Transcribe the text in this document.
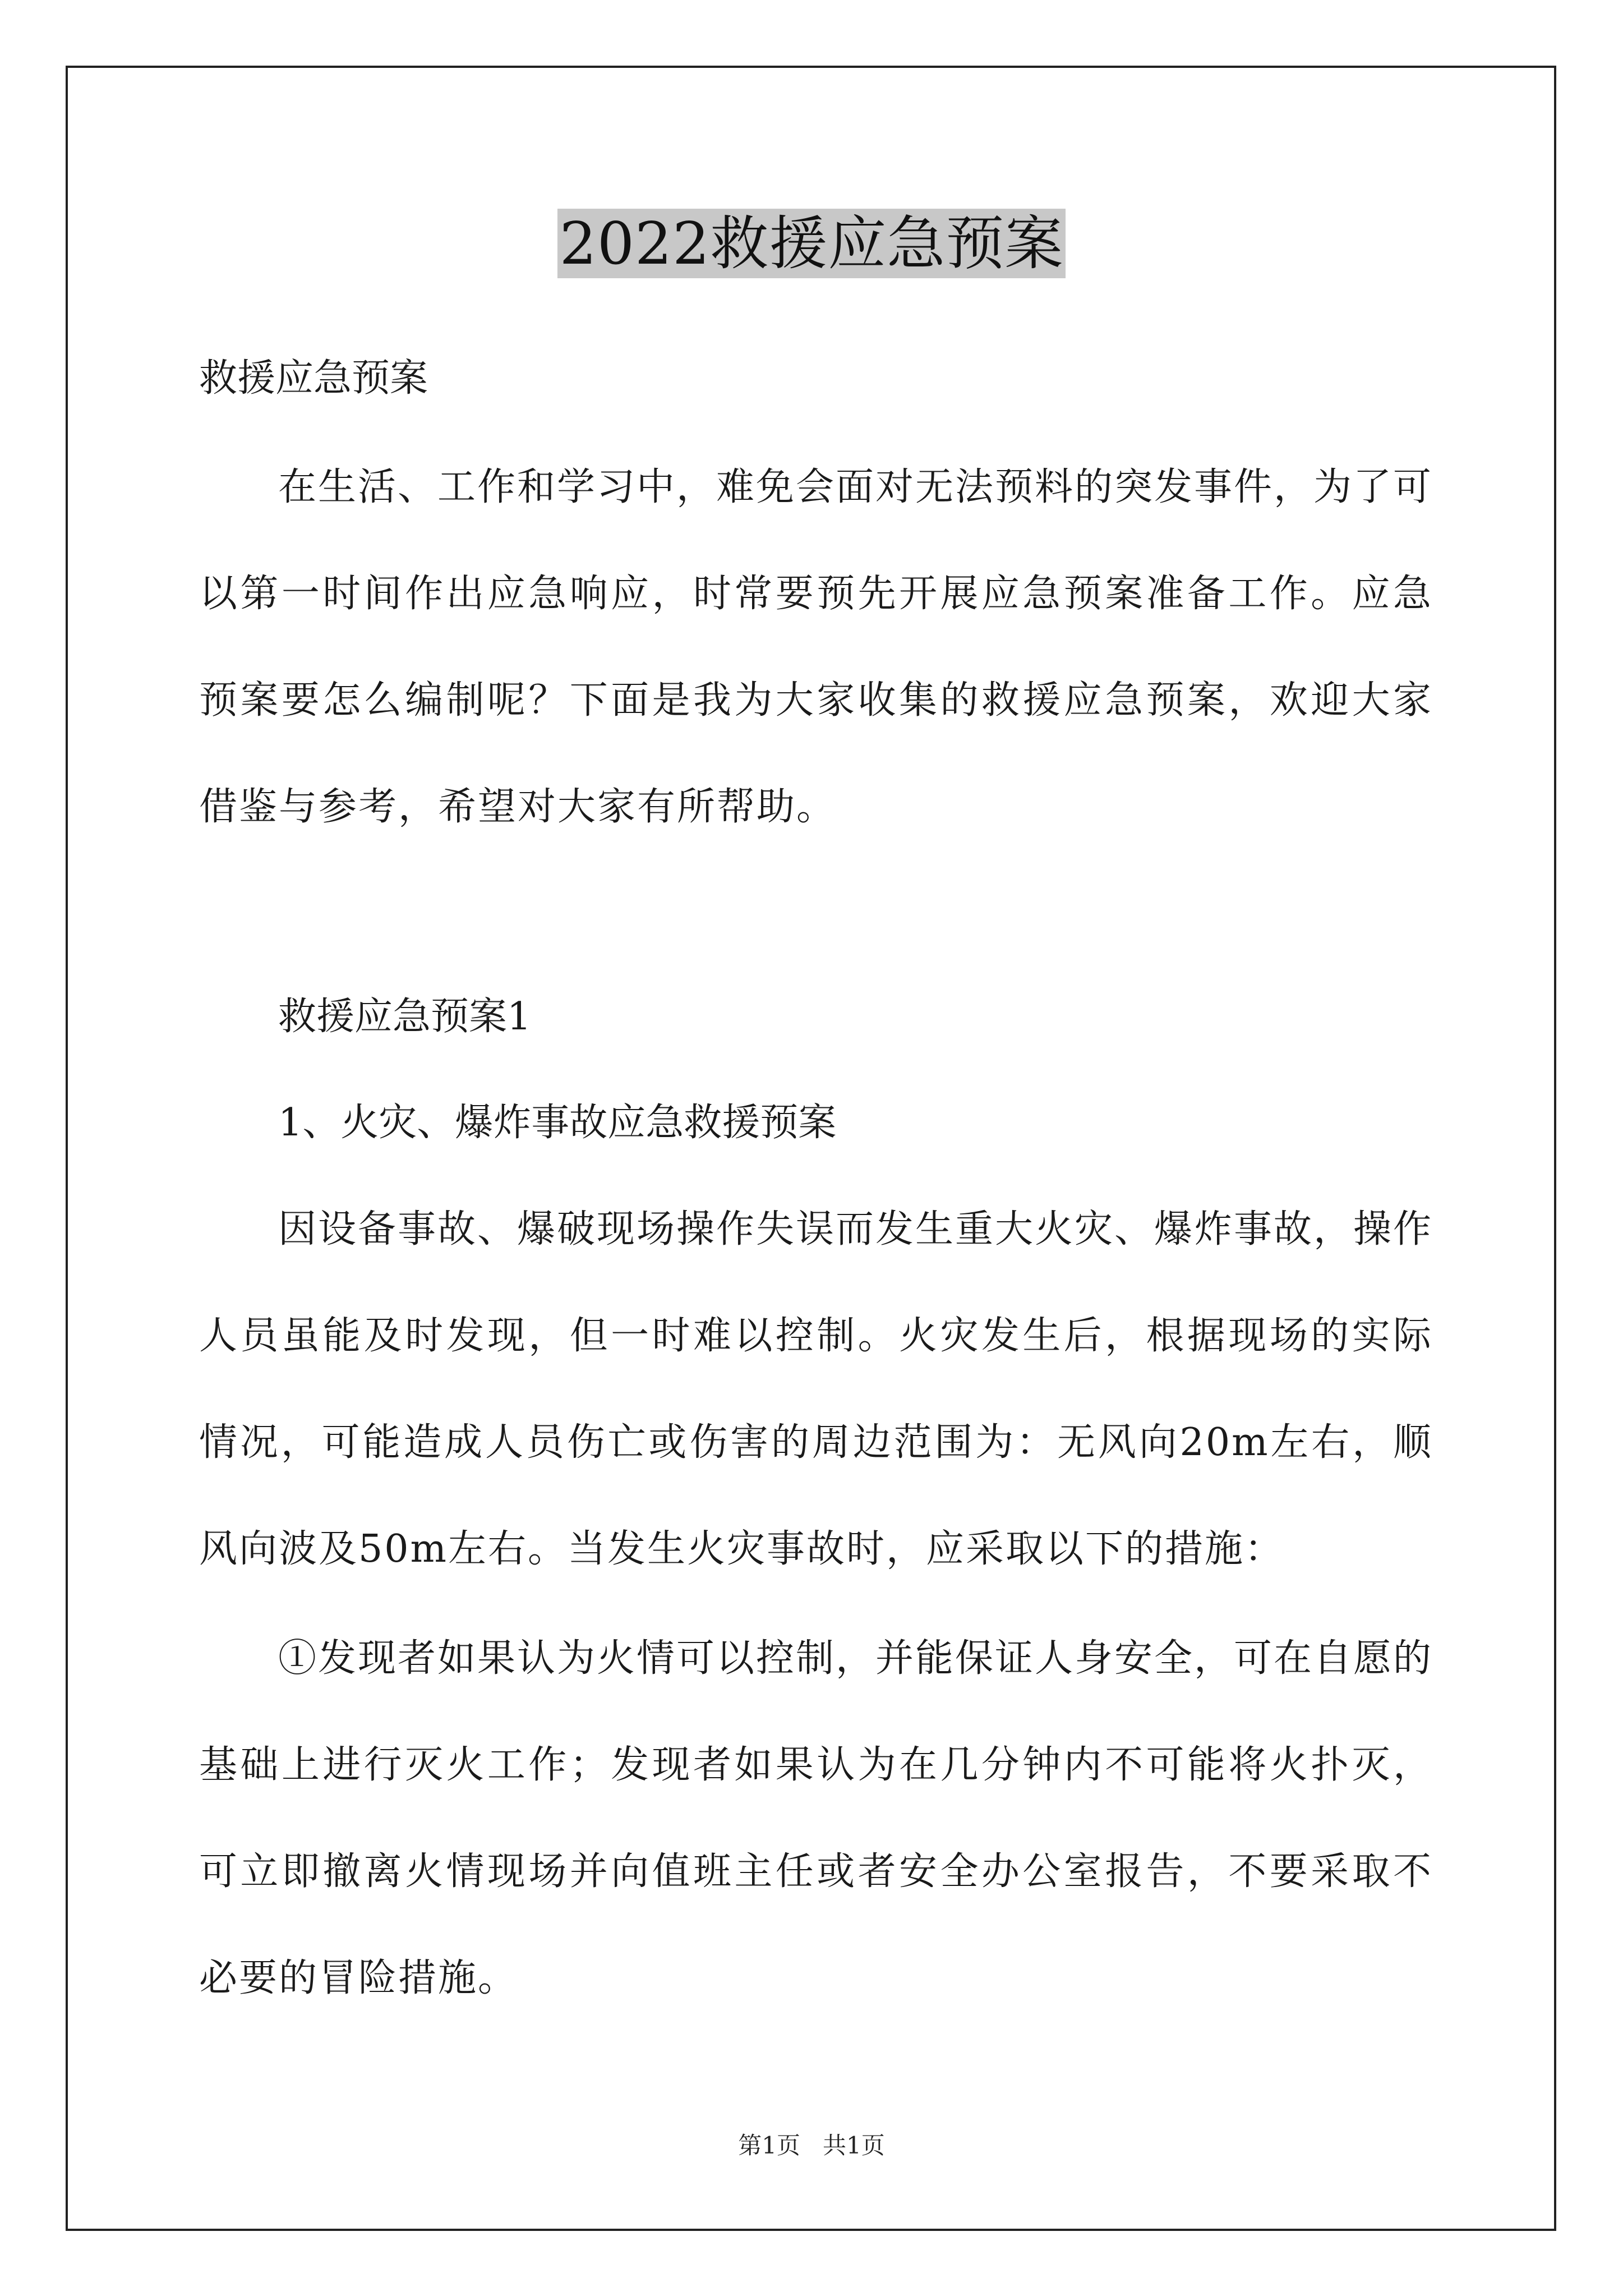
2022救援应急预案
救援应急预案
在生活、工作和学习中，难免会面对无法预料的突发事件，为了可以第一时间作出应急响应，时常要预先开展应急预案准备工作。应急预案要怎么编制呢？下面是我为大家收集的救援应急预案，欢迎大家借鉴与参考，希望对大家有所帮助。
救援应急预案1
1、火灾、爆炸事故应急救援预案
因设备事故、爆破现场操作失误而发生重大火灾、爆炸事故，操作人员虽能及时发现，但一时难以控制。火灾发生后，根据现场的实际情况，可能造成人员伤亡或伤害的周边范围为：无风向20m左右，顺风向波及50m左右。当发生火灾事故时，应采取以下的措施：
①发现者如果认为火情可以控制，并能保证人身安全，可在自愿的基础上进行灭火工作；发现者如果认为在几分钟内不可能将火扑灭，可立即撤离火情现场并向值班主任或者安全办公室报告，不要采取不必要的冒险措施。
第1页   共1页
